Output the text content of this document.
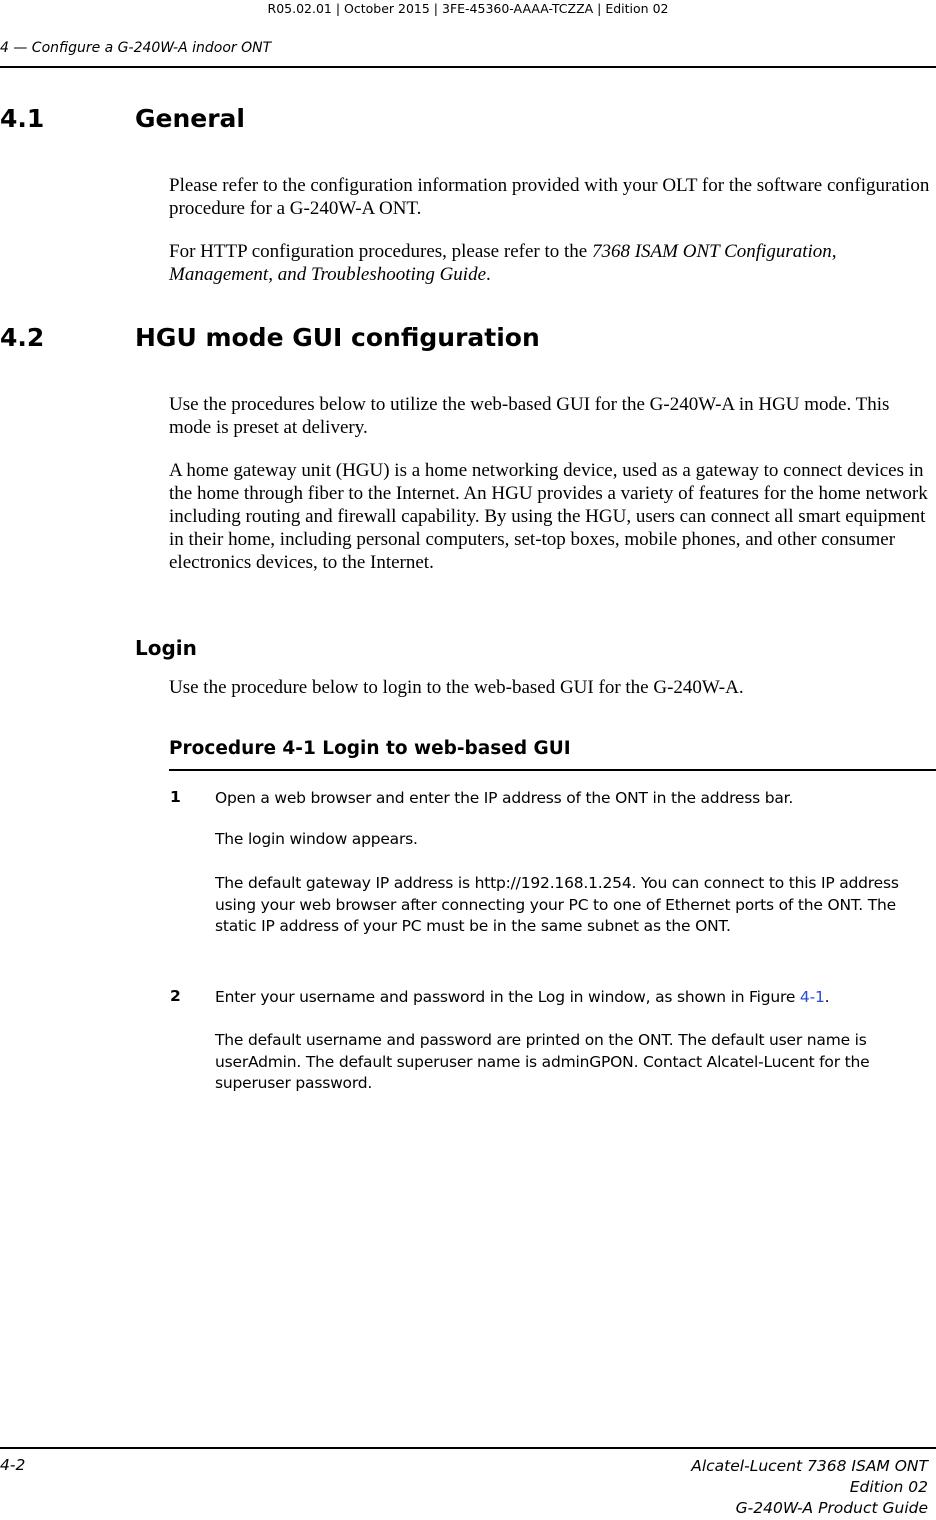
R05.02.01 | October 2015 | 3FE-45360-AAAA-TCZZA | Edition 02
4 — Configure a G-240W-A indoor ONT
4.1	General
Please refer to the configuration information provided with your OLT for the software configuration procedure for a G-240W-A ONT.
For HTTP configuration procedures, please refer to the 7368 ISAM ONT Configuration, Management, and Troubleshooting Guide.
4.2	HGU mode GUI configuration
Use the procedures below to utilize the web-based GUI for the G-240W-A in HGU mode. This mode is preset at delivery.
A home gateway unit (HGU) is a home networking device, used as a gateway to connect devices in the home through fiber to the Internet. An HGU provides a variety of features for the home network including routing and firewall capability. By using the HGU, users can connect all smart equipment in their home, including personal computers, set-top boxes, mobile phones, and other consumer electronics devices, to the Internet.
Login
Use the procedure below to login to the web-based GUI for the G-240W-A.
Procedure 4-1 Login to web-based GUI
1 Open a web browser and enter the IP address of the ONT in the address bar.
The login window appears.
The default gateway IP address is http://192.168.1.254. You can connect to this IP address using your web browser after connecting your PC to one of Ethernet ports of the ONT. The static IP address of your PC must be in the same subnet as the ONT.
2 Enter your username and password in the Log in window, as shown in Figure 4-1.
The default username and password are printed on the ONT. The default user name is userAdmin. The default superuser name is adminGPON. Contact Alcatel-Lucent for the superuser password.
4-2	Alcatel-Lucent 7368 ISAM ONT
Edition 02
G-240W-A Product Guide
